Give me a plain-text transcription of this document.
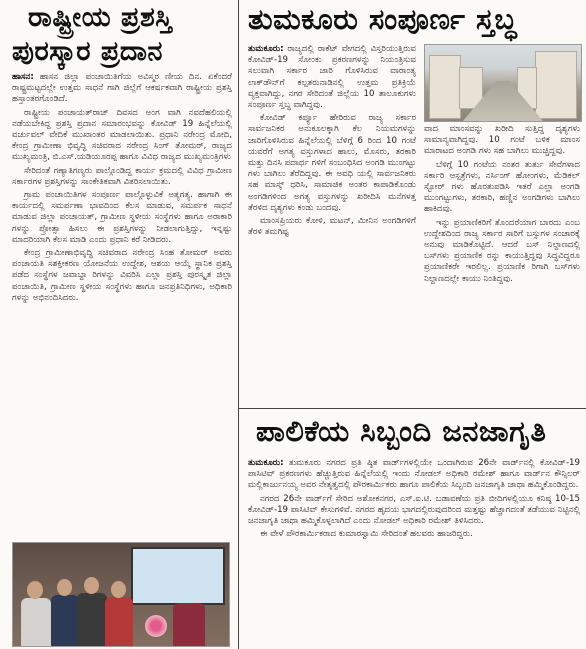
ರಾಷ್ಟ್ರೀಯ ಪ್ರಶಸ್ತಿ
ಪುರಸ್ಕಾರ ಪ್ರದಾನ

ಹಾಸನ: ಹಾಸನ ಜಿಲ್ಲಾ ಪಂಚಾಯಿತಿಗೆಯ ಅವಿಸ್ಮರ ಣೀಯ ದಿನ. ಏಕೆಂದರೆ ರಾಷ್ಟ್ರಮಟ್ಟದಲ್ಲೇ ಉತ್ತಮ ಸಾಧನೆ ಗಾಗಿ ಜಿಲ್ಲೆಗೆ ಆಕರ್ಷಕವಾಗಿ ರಾಷ್ಟ್ರೀಯ ಪ್ರಶಸ್ತಿ ಹಸ್ತಾಂತರಗೊಂಡಿದೆ.

ರಾಷ್ಟ್ರೀಯ ಪಂಚಾಯತ್‌ರಾಜ್ ದಿವಸದ ಅಂಗ ವಾಗಿ ನವದೆಹಲಿಯಲ್ಲಿ ನಡೆಯಬೇಕಿದ್ದ ಪ್ರಶಸ್ತಿ ಪ್ರದಾನ ಸಮಾರಂಭವನ್ನು ಕೋವಿಡ್ 19 ಹಿನ್ನೆಲೆಯಲ್ಲಿ ವರ್ಚುವಲ್ ವೇದಿಕೆ ಮುಖಾಂತರ ಮಾಡಲಾಯಿತು. ಪ್ರಧಾನಿ ನರೇಂದ್ರ ಮೋದಿ, ಕೇಂದ್ರ ಗ್ರಾಮೀಣಾ ಭಿವೃದ್ಧಿ ಸಚಿವರಾದ ನರೇಂದ್ರ ಸಿಂಗ್ ತೋಮರ್, ರಾಜ್ಯದ ಮುಖ್ಯಮಂತ್ರಿ, ಬಿ.ಎಸ್.ಯಡಿಯೂರಪ್ಪ ಹಾಗೂ ವಿವಿಧ ರಾಜ್ಯದ ಮುಖ್ಯಮಂತ್ರಿಗಳು

ಸೇರಿದಂತೆ ಗಣ್ಯಾತಿಗಣ್ಯರು ಪಾಲ್ಗೊಂಡಿದ್ದ ಕಾರ್ಯ ಕ್ರಮದಲ್ಲಿ ವಿವಿಧ ಗ್ರಾಮೀಣ ಸರ್ಕಾರಗಳ ಪ್ರಶಸ್ತಿಗಳನ್ನು ಸಾಂಕೇತಿಕವಾಗಿ ವಿತರಿಸಲಾಯಿತು.

ಗ್ರಾಮ ಪಂಚಾಯಿತಿಗಳ ಸಂಪೂರ್ಣ ಪಾಲ್ಗೊಳ್ಳುವಿಕೆ ಅತ್ಯಗತ್ಯ. ಹಾಗಾಗಿ ಈ ಕಾರ್ಯದಲ್ಲಿ ಸಮರ್ಪಣಾ ಭಾವದಿಂದ ಕೆಲಸ ಮಾಡುವ, ಸಮರ್ಪಕ ಸಾಧನೆ ಮಾಡುವ ಜಿಲ್ಲಾ ಪಂಚಾಯತ್, ಗ್ರಾಮೀಣ ಸ್ಥಳೀಯ ಸಂಸ್ಥೆಗಳು ಹಾಗೂ ಅರಾಕಾರಿ ಗಳನ್ನು ಪ್ರೋತ್ಸಾ ಹಿಸಲು ಈ ಪ್ರಶಸ್ತಿಗಳನ್ನು ನೀಡಲಾಗುತ್ತಿದ್ದು, ಇನ್ನಷ್ಟು ಮಾದರಿಯಾಗಿ ಕೆಲಸ ಮಾಡಿ ಎಂದು ಪ್ರಧಾನಿ ಕರೆ ನೀಡಿದರು.

ಕೇಂದ್ರ ಗ್ರಾಮೀಣಾಭಿವೃದ್ಧಿ ಸಚಿವರಾದ ನರೇಂದ್ರ ಸಿಂಹ ತೋಮರ್ ಅವರು ಪಂಚಾಯತಿ ಸಶಕ್ತೀಕರಣ ಯೋಜನೆಯ ಉದ್ದೇಶ, ಆಶಯ ಆಯ್ಕೆ ಸ್ಥಾನಿಕ ಪ್ರಶಸ್ತಿ ಪಡೆದ ಸಂಸ್ಥೆಗಳ ಜವಾಬ್ದಾ ರಿಗಳನ್ನು ವಿವರಿಸಿ ಎಲ್ಲಾ ಪ್ರಶಸ್ತಿ ಪುರಸ್ಕೃತ ಜಿಲ್ಲಾ ಪಂಚಾಯಿತಿ, ಗ್ರಾಮೀಣ ಸ್ಥಳೀಯ ಸಂಸ್ಥೆಗಳು ಹಾಗೂ ಜನಪ್ರತಿನಿಧಿಗಳು, ಅಧಿಕಾರಿ ಗಳನ್ನು ಅಭಿನಂದಿಸಿದರು.

ತುಮಕೂರು ಸಂಪೂರ್ಣ ಸ್ತಬ್ಧ

ತುಮಕೂರು: ರಾಜ್ಯದಲ್ಲಿ ರಾಕೆಟ್ ವೇಗದಲ್ಲಿ ವಿಸ್ತರಿಯುತ್ತಿರುವ ಕೋವಿಡ್-19 ಸೋಂಕು ಪ್ರಕರಣಗಳನ್ನು ನಿಯಂತ್ರಿಸುವ ಸಲುವಾಗಿ ಸರ್ಕಾರ ಜಾರಿ ಗೊಳಿಸಿರುವ ವಾರಾಂತ್ಯ ಲಾಕ್‌ಡೌನ್‌ಗೆ ಕಲ್ಪತರುನಾಡಿನಲ್ಲಿ ಉತ್ತಮ ಪ್ರತಿಕ್ರಿಯೆ ವ್ಯಕ್ತವಾಗಿದ್ದು, ನಗರ ಸೇರಿದಂತೆ ಜಿಲ್ಲೆಯ 10 ತಾಲೂಕುಗಳು ಸಂಪೂರ್ಣ ಸ್ತಬ್ಧ ವಾಗಿದ್ದವು.

ಕೋವಿಡ್ ಕರ್ಪ್ಯೂ ಹೇರಿರುವ ರಾಜ್ಯ ಸರ್ಕಾರ ಸಾರ್ವಜನಿಕರ ಅನುಕೂಲಕ್ಕಾಗಿ ಕೆಲ ನಿಯಮಗಳನ್ನು ಜಾರಿಗೊಳಿಸಿರುವ ಹಿನ್ನೆಲೆಯಲ್ಲಿ ಬೆಳಿಗ್ಗೆ 6 ರಿಂದ 10 ಗಂಟೆ ಯವರೆಗೆ ಅಗತ್ಯ ವಸ್ತುಗಳಾದ ಹಾಲು, ಮೊಸರು, ತರಕಾರಿ ಮತ್ತು ದಿನಸಿ ಪದಾರ್ಥ ಗಳಿಗೆ ಸಂಬಂಧಿಸಿದ ಅಂಗಡಿ ಮುಂಗಟ್ಟು ಗಳು ಬಾಗಿಲು ತೆರೆದಿದ್ದವು. ಈ ಅವಧಿ ಯಲ್ಲಿ ಸಾರ್ವಜನಿಕರು ಸಹ ಮಾಸ್ಕ್ ಧರಿಸಿ, ಸಾಮಾಜಿಕ ಅಂತರ ಕಾಪಾಡಿಕೊಂಡು ಅಂಗಡಿಗಳಿಂದ ಅಗತ್ಯ ವಸ್ತುಗಳನ್ನು ಖರೀದಿಸಿ ಮನೆಗಳತ್ತ ತೆರಳಿದ ದೃಶ್ಯಗಳು ಕಂಡು ಬಂದವು.

ಮಾಂಸಪ್ರಿಯರು ಕೋಳಿ, ಮಟನ್, ಮೀನಿನ ಅಂಗಡಿಗಳಿಗೆ ತೆರಳಿ ತಮಗಿಷ್ಟ

ವಾದ ಮಾಂಸವನ್ನು ಖರೀದಿ ಸುತ್ತಿದ್ದ ದೃಶ್ಯಗಳು ಸಾಮಾನ್ಯವಾಗಿದ್ದವು. 10 ಗಂಟೆ ಬಳಿಕ ಮಾಂಸ ಮಾರಾಟದ ಅಂಗಡಿ ಗಳು ಸಹ ಬಾಗಿಲು ಮುಚ್ಚಿದ್ದವು.

ಬೆಳಿಗ್ಗೆ 10 ಗಂಟೆಯ ನಂತರ ತುರ್ತು ಸೇವೆಗಳಾದ ಸರ್ಕಾರಿ ಆಸ್ಪತ್ರೆಗಳು, ನರ್ಸಿಂಗ್ ಹೋಂಗಳು, ಮೆಡಿಕಲ್ ಸ್ಟೋರ್ ಗಳು ಹೊರತುಪಡಿಸಿ ಇತರೆ ಎಲ್ಲಾ ಅಂಗಡಿ ಮುಂಗಟ್ಟುಗಳು, ತರಕಾರಿ, ಹಣ್ಣಿನ ಅಂಗಡಿಗಳು ಬಾಗಿಲು ಹಾಕಿದವು.

ಇನ್ನು ಪ್ರಯಾಣಿಕರಿಗೆ ತೊಂದರೆಯಾಗ ಬಾರದು ಎಂಬ ಉದ್ದೇಶದಿಂದ ರಾಜ್ಯ ಸರ್ಕಾರ ಸಾರಿಗೆ ಬಸ್ಸುಗಳ ಸಂಚಾರಕ್ಕೆ ಅನುವು ಮಾಡಿಕೊಟ್ಟಿದೆ. ಆದರೆ ಬಸ್ ನಿಲ್ದಾಣದಲ್ಲಿ ಬಸ್‌ಗಳು ಪ್ರಯಾಣಿಕ ರನ್ನು ಕಾಯುತ್ತಿದ್ದವು ಸಿದ್ಧವಿದ್ದರೂ ಪ್ರಯಾಣಿಕರೇ ಇರಲಿಲ್ಲ. ಪ್ರಯಾಣಿಕ ರಿಗಾಗಿ ಬಸ್‌ಗಳು ನಿಲ್ದಾಣದಲ್ಲೇ ಕಾಯು ನಿಂತಿದ್ದವು.

ಪಾಲಿಕೆಯ ಸಿಬ್ಬಂದಿ ಜನಜಾಗೃತಿ

ತುಮಕೂರು: ತುಮಕೂರು ನಗರದ ಪ್ರತಿ ಷ್ಠಿತ ವಾರ್ಡ್‌ಗಳಲ್ಲಿಯೇ ಒಂದಾಗಿರುವ 26ನೇ ವಾರ್ಡ್‌ನಲ್ಲಿ ಕೋವಿಡ್-19 ಪಾಸಿಟಿವ್ ಪ್ರಕರಣಗಳು ಹೆಚ್ಚುತ್ತಿರುವ ಹಿನ್ನೆಲೆಯಲ್ಲಿ ಇಂದು ನೋಡಲ್ ಅಧಿಕಾರಿ ರಮೇಶ್ ಹಾಗೂ ವಾರ್ಡ್‌ನ ಕೌನ್ಸಿಲರ್ ಮಲ್ಲಿಕಾರ್ಜುನಯ್ಯ ಅವರ ನೇತೃತ್ವದಲ್ಲಿ ಪೌರಕಾರ್ಮಿಕರು ಹಾಗೂ ಪಾಲಿಕೆಯ ಸಿಬ್ಬಂದಿ ಜನಜಾಗೃತಿ ಜಾಥಾ ಹಮ್ಮಿಕೊಂಡಿದ್ದರು.

ನಗರದ 26ನೇ ವಾರ್ಡ್‌ಗೆ ಸೇರಿದ ಅಶೋಕನಗರ, ಎಸ್.ಐ.ಟಿ. ಬಡಾವಣೆಯ ಪ್ರತಿ ಬೀದಿಗಳಲ್ಲಿಯೂ ಕನಿಷ್ಠ 10-15 ಕೋವಿಡ್-19 ಪಾಸಿಟಿವ್ ಕೇಸುಗಳಿವೆ. ನಗರದ ಹೃದಯ ಭಾಗದಲ್ಲಿರುವುದರಿಂದ ಮತ್ತಷ್ಟು ಹೆಚ್ಚಾಗದಂತೆ ತಡೆಯುವ ನಿಟ್ಟಿನಲ್ಲಿ ಜನಜಾಗೃತಿ ಜಾಥಾ ಹಮ್ಮಿಕೊಳ್ಳಲಾಗಿದೆ ಎಂದು ನೋಡಲ್ ಅಧಿಕಾರಿ ರಮೇಶ್ ತಿಳಿಸಿದರು.

ಈ ವೇಳೆ ಪೌರಕಾರ್ಮಿಕರಾದ ಕುಮಾರಸ್ವಾಮಿ ಸೇರಿದಂತೆ ಹಲವರು ಹಾಜರಿದ್ದರು.
